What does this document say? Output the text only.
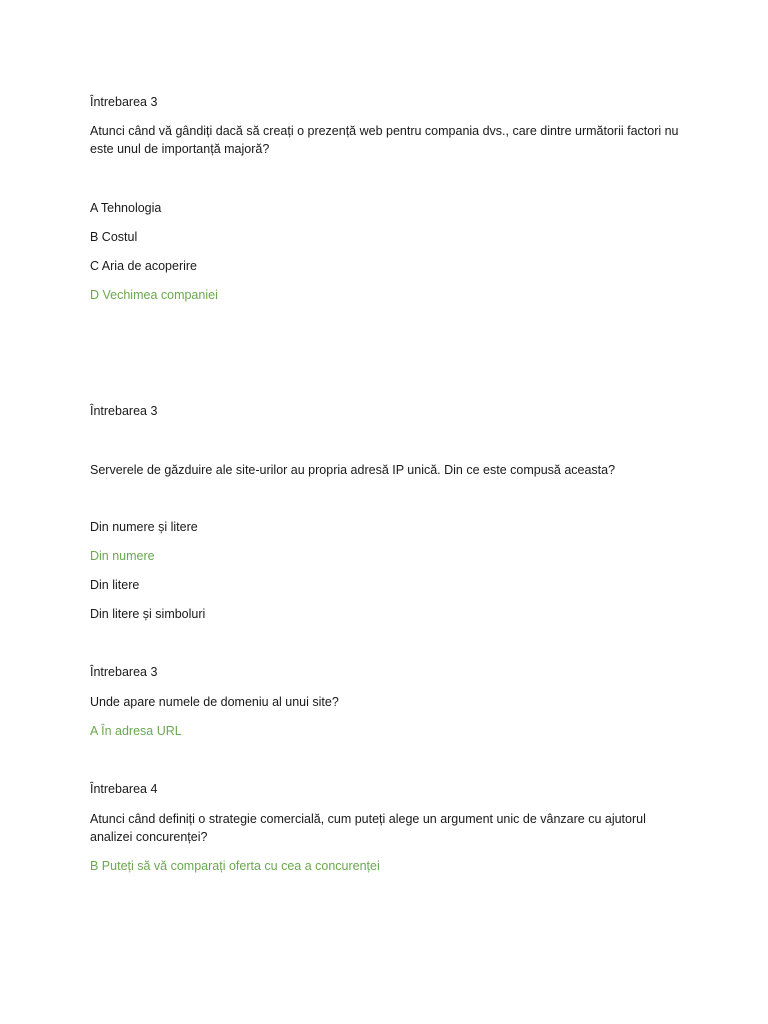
Întrebarea 3
Atunci când vă gândiți dacă să creați o prezență web pentru compania dvs., care dintre următorii factori nu este unul de importanță majoră?
A Tehnologia
B Costul
C Aria de acoperire
D Vechimea companiei
Întrebarea 3
Serverele de găzduire ale site-urilor au propria adresă IP unică. Din ce este compusă aceasta?
Din numere și litere
Din numere
Din litere
Din litere și simboluri
Întrebarea 3
Unde apare numele de domeniu al unui site?
A În adresa URL
Întrebarea 4
Atunci când definiți o strategie comercială, cum puteți alege un argument unic de vânzare cu ajutorul analizei concurenței?
B Puteți să vă comparați oferta cu cea a concurenței
